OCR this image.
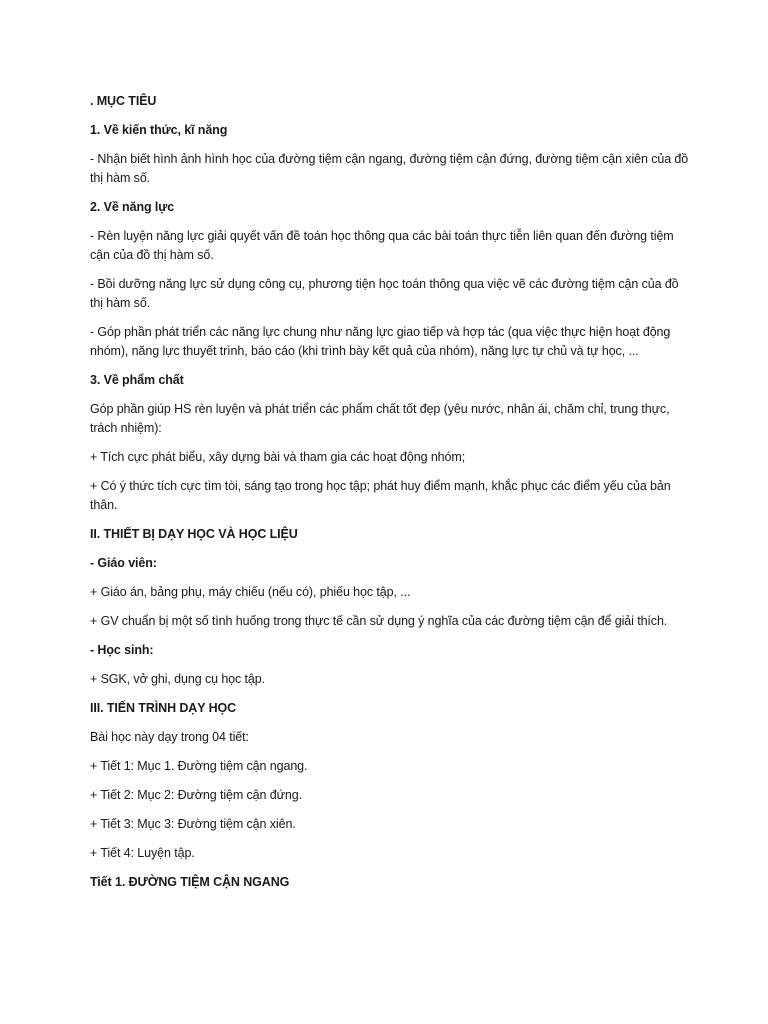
. MỤC TIÊU

1. Về kiến thức, kĩ năng

- Nhận biết hình ảnh hình học của đường tiệm cận ngang, đường tiệm cận đứng, đường tiệm cận xiên của đồ thị hàm số.

2. Về năng lực

- Rèn luyện năng lực giải quyết vấn đề toán học thông qua các bài toán thực tiễn liên quan đến đường tiệm cận của đồ thị hàm số.

- Bồi dưỡng năng lực sử dụng công cụ, phương tiện học toán thông qua việc vẽ các đường tiệm cận của đồ thị hàm số.

- Góp phần phát triển các năng lực chung như năng lực giao tiếp và hợp tác (qua việc thực hiện hoạt động nhóm), năng lực thuyết trình, báo cáo (khi trình bày kết quả của nhóm), năng lực tự chủ và tự học, ...

3. Về phẩm chất

Góp phần giúp HS rèn luyện và phát triển các phẩm chất tốt đẹp (yêu nước, nhân ái, chăm chỉ, trung thực, trách nhiệm):

+ Tích cực phát biểu, xây dựng bài và tham gia các hoạt động nhóm;

+ Có ý thức tích cực tìm tòi, sáng tạo trong học tập; phát huy điểm mạnh, khắc phục các điểm yếu của bản thân.

II. THIẾT BỊ DẠY HỌC VÀ HỌC LIỆU

- Giáo viên:

+ Giáo án, bảng phụ, máy chiếu (nếu có), phiếu học tập, ...

+ GV chuẩn bị một số tình huống trong thực tế cần sử dụng ý nghĩa của các đường tiệm cận để giải thích.

- Học sinh:

+ SGK, vở ghi, dụng cụ học tập.

III. TIẾN TRÌNH DẠY HỌC

Bài học này dạy trong 04 tiết:

+ Tiết 1: Mục 1. Đường tiệm cận ngang.

+ Tiết 2: Mục 2: Đường tiệm cận đứng.

+ Tiết 3: Mục 3: Đường tiệm cận xiên.

+ Tiết 4: Luyện tập.

Tiết 1. ĐƯỜNG TIỆM CẬN NGANG
